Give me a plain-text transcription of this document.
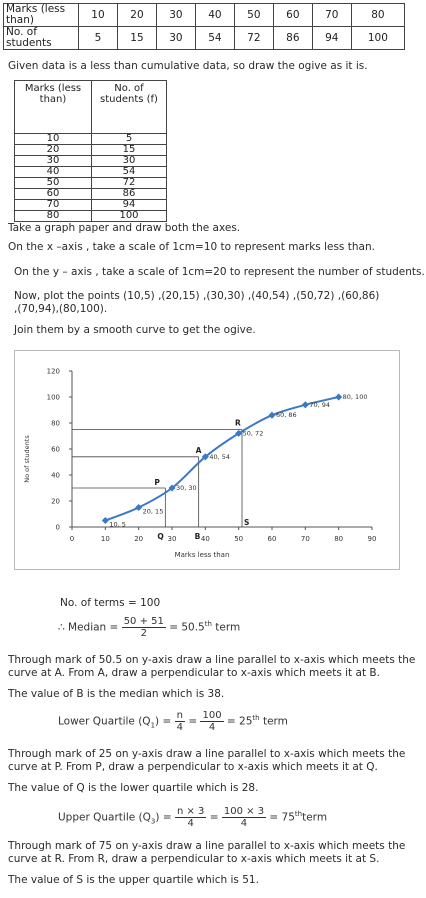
Marks (less than)	10	20	30	40	50	60	70	80
No. of students	5	15	30	54	72	86	94	100
Given data is a less than cumulative data, so draw the ogive as it is.
Marks (less than)	No. of students (f)
10	5
20	15
30	30
40	54
50	72
60	86
70	94
80	100
Take a graph paper and draw both the axes.
On the x –axis , take a scale of 1cm=10 to represent marks less than.
On the y – axis , take a scale of 1cm=20 to represent the number of students.
Now, plot the points (10,5) ,(20,15) ,(30,30) ,(40,54) ,(50,72) ,(60,86)
,(70,94),(80,100).
Join them by a smooth curve to get the ogive.
0	10	20	30	40	50	60	70	80	90
0
20
40
60
80
100
120
Marks less than
No of students
10, 5
20, 15
30, 30
40, 54
50, 72
60, 86
70, 94
80, 100
P
A
R
Q	B
S
No. of terms = 100
∴ Median = $\frac{50 + 51}{2} = 50.5th$ term
Through mark of 50.5 on y-axis draw a line parallel to x-axis which meets the
curve at A. From A, draw a perpendicular to x-axis which meets it at B.
The value of B is the median which is 38.
Lower Quartile $(Q_1) = \frac{n}{4} = \frac{100}{4} = 25th$ term
Through mark of 25 on y-axis draw a line parallel to x-axis which meets the
curve at P. From P, draw a perpendicular to x-axis which meets it at Q.
The value of Q is the lower quartile which is 28.
Upper Quartile $(Q_3) = \frac{n \times 3}{4} = \frac{100 \times 3}{4}$ = 75thterm
Through mark of 75 on y-axis draw a line parallel to x-axis which meets the
curve at R. From R, draw a perpendicular to x-axis which meets it at S.
The value of S is the upper quartile which is 51.
